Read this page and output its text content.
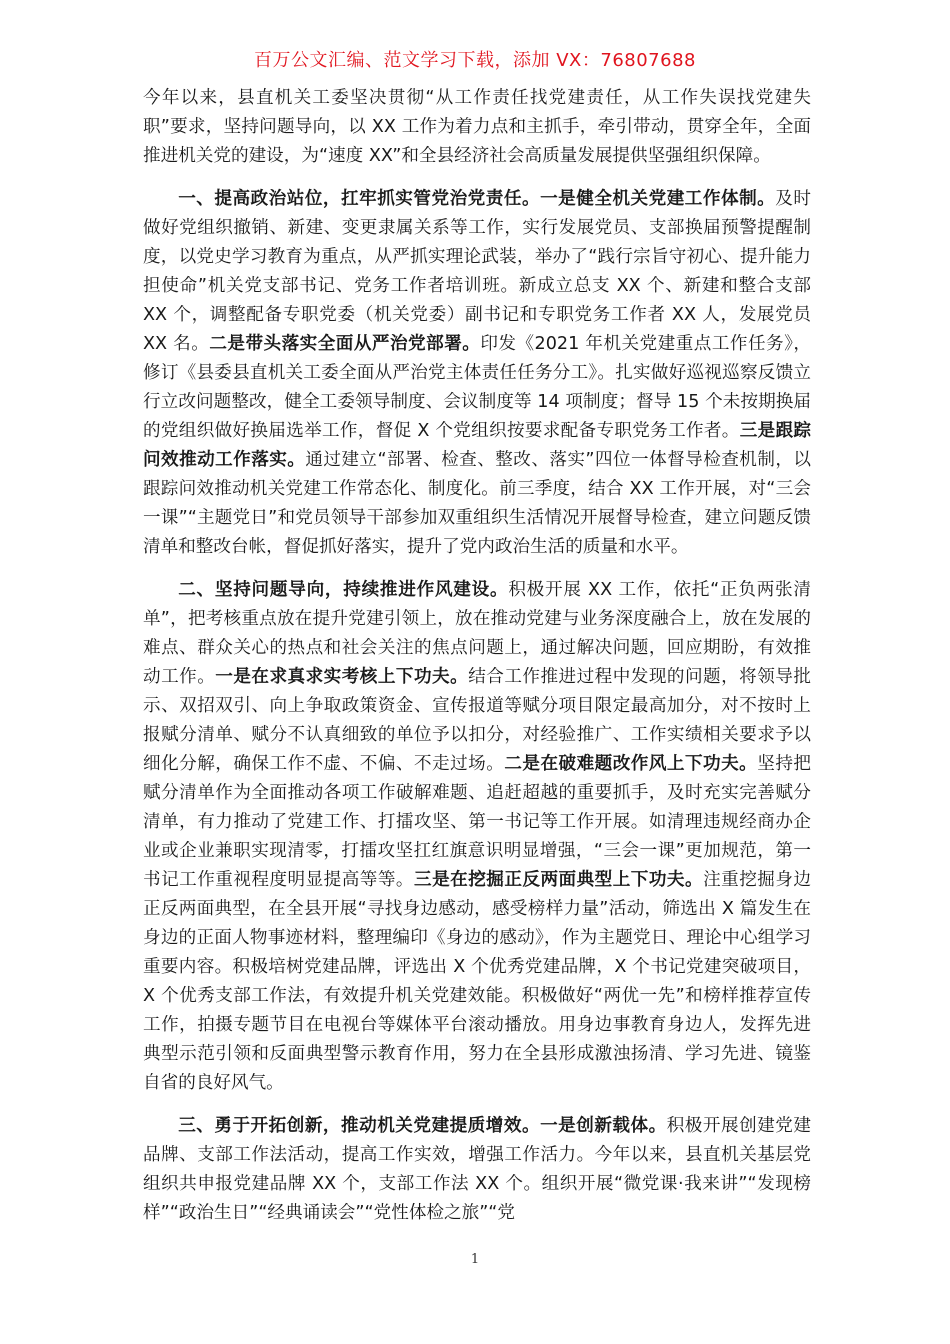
百万公文汇编、范文学习下载，添加 VX：76807688

今年以来，县直机关工委坚决贯彻“从工作责任找党建责任，从工作失误找党建失职”要求，坚持问题导向，以 XX 工作为着力点和主抓手，牵引带动，贯穿全年，全面推进机关党的建设，为“速度 XX”和全县经济社会高质量发展提供坚强组织保障。

一、提高政治站位，扛牢抓实管党治党责任。一是健全机关党建工作体制。及时做好党组织撤销、新建、变更隶属关系等工作，实行发展党员、支部换届预警提醒制度，以党史学习教育为重点，从严抓实理论武装，举办了“践行宗旨守初心、提升能力担使命”机关党支部书记、党务工作者培训班。新成立总支 XX 个、新建和整合支部 XX 个，调整配备专职党委（机关党委）副书记和专职党务工作者 XX 人，发展党员 XX 名。二是带头落实全面从严治党部署。印发《2021 年机关党建重点工作任务》，修订《县委县直机关工委全面从严治党主体责任任务分工》。扎实做好巡视巡察反馈立行立改问题整改，健全工委领导制度、会议制度等 14 项制度；督导 15 个未按期换届的党组织做好换届选举工作，督促 X 个党组织按要求配备专职党务工作者。三是跟踪问效推动工作落实。通过建立“部署、检查、整改、落实”四位一体督导检查机制，以跟踪问效推动机关党建工作常态化、制度化。前三季度，结合 XX 工作开展，对“三会一课”“主题党日”和党员领导干部参加双重组织生活情况开展督导检查，建立问题反馈清单和整改台帐，督促抓好落实，提升了党内政治生活的质量和水平。

二、坚持问题导向，持续推进作风建设。积极开展 XX 工作，依托“正负两张清单”，把考核重点放在提升党建引领上，放在推动党建与业务深度融合上，放在发展的难点、群众关心的热点和社会关注的焦点问题上，通过解决问题，回应期盼，有效推动工作。一是在求真求实考核上下功夫。结合工作推进过程中发现的问题，将领导批示、双招双引、向上争取政策资金、宣传报道等赋分项目限定最高加分，对不按时上报赋分清单、赋分不认真细致的单位予以扣分，对经验推广、工作实绩相关要求予以细化分解，确保工作不虚、不偏、不走过场。二是在破难题改作风上下功夫。坚持把赋分清单作为全面推动各项工作破解难题、追赶超越的重要抓手，及时充实完善赋分清单，有力推动了党建工作、打擂攻坚、第一书记等工作开展。如清理违规经商办企业或企业兼职实现清零，打擂攻坚扛红旗意识明显增强，“三会一课”更加规范，第一书记工作重视程度明显提高等等。三是在挖掘正反两面典型上下功夫。注重挖掘身边正反两面典型，在全县开展“寻找身边感动，感受榜样力量”活动，筛选出 X 篇发生在身边的正面人物事迹材料，整理编印《身边的感动》，作为主题党日、理论中心组学习重要内容。积极培树党建品牌，评选出 X 个优秀党建品牌，X 个书记党建突破项目，X 个优秀支部工作法，有效提升机关党建效能。积极做好“两优一先”和榜样推荐宣传工作，拍摄专题节目在电视台等媒体平台滚动播放。用身边事教育身边人，发挥先进典型示范引领和反面典型警示教育作用，努力在全县形成激浊扬清、学习先进、镜鉴自省的良好风气。

三、勇于开拓创新，推动机关党建提质增效。一是创新载体。积极开展创建党建品牌、支部工作法活动，提高工作实效，增强工作活力。今年以来，县直机关基层党组织共申报党建品牌 XX 个，支部工作法 XX 个。组织开展“微党课·我来讲”“发现榜样”“政治生日”“经典诵读会”“党性体检之旅”“党

1
